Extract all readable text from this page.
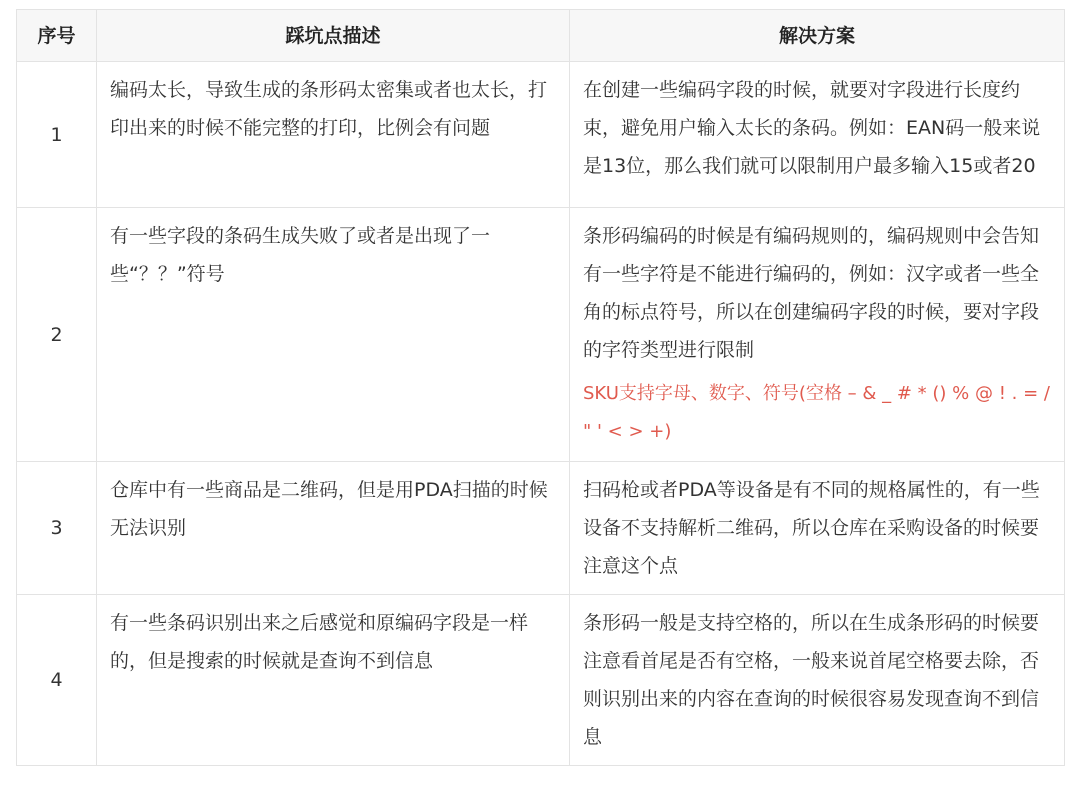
序号	踩坑点描述	解决方案
1	编码太长，导致生成的条形码太密集或者也太长，打印出来的时候不能完整的打印，比例会有问题	在创建一些编码字段的时候，就要对字段进行长度约束，避免用户输入太长的条码。例如：EAN码一般来说是13位，那么我们就可以限制用户最多输入15或者20
2	有一些字段的条码生成失败了或者是出现了一些“？？”符号	条形码编码的时候是有编码规则的，编码规则中会告知有一些字符是不能进行编码的，例如：汉字或者一些全角的标点符号，所以在创建编码字段的时候，要对字段的字符类型进行限制
SKU支持字母、数字、符号(空格 – & _ # * () % @ ! . = / " ' < > +)

3	仓库中有一些商品是二维码，但是用PDA扫描的时候无法识别	扫码枪或者PDA等设备是有不同的规格属性的，有一些设备不支持解析二维码，所以仓库在采购设备的时候要注意这个点
4	有一些条码识别出来之后感觉和原编码字段是一样的，但是搜索的时候就是查询不到信息	条形码一般是支持空格的，所以在生成条形码的时候要注意看首尾是否有空格，一般来说首尾空格要去除，否则识别出来的内容在查询的时候很容易发现查询不到信息
